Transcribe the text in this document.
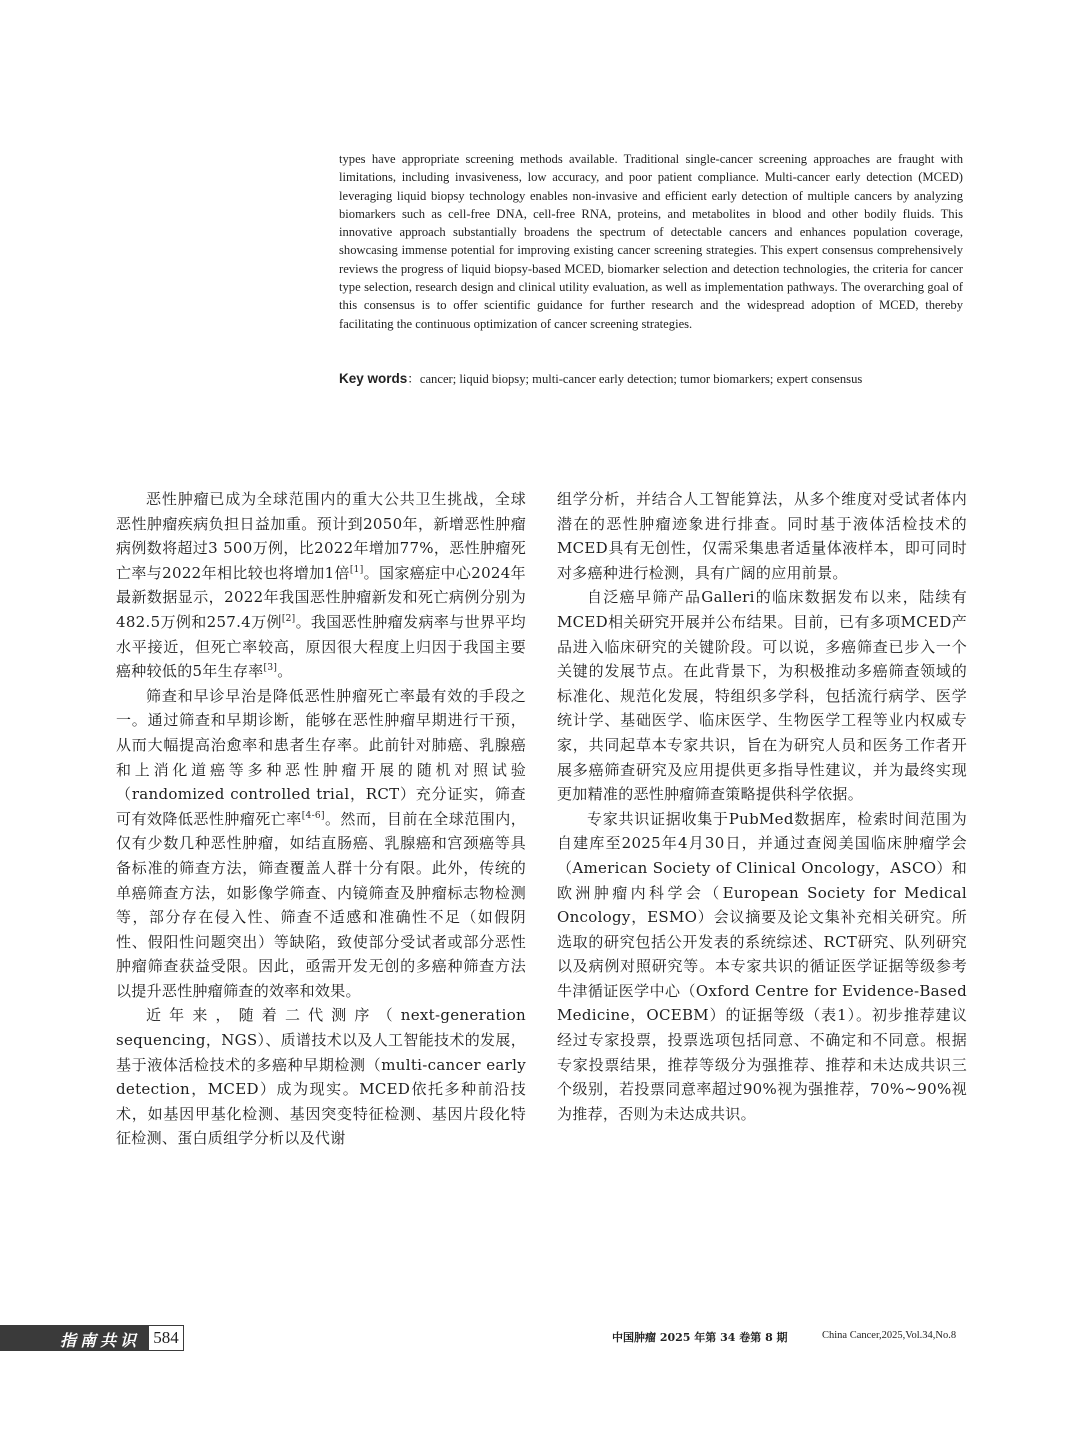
types have appropriate screening methods available. Traditional single-cancer screening approaches are fraught with limitations, including invasiveness, low accuracy, and poor patient compliance. Multi-cancer early detection (MCED) leveraging liquid biopsy technology enables non-invasive and efficient early detection of multiple cancers by analyzing biomarkers such as cell-free DNA, cell-free RNA, proteins, and metabolites in blood and other bodily fluids. This innovative approach substantially broadens the spectrum of detectable cancers and enhances population coverage, showcasing immense potential for improving existing cancer screening strategies. This expert consensus comprehensively reviews the progress of liquid biopsy-based MCED, biomarker selection and detection technologies, the criteria for cancer type selection, research design and clinical utility evaluation, as well as implementation pathways. The overarching goal of this consensus is to offer scientific guidance for further research and the widespread adoption of MCED, thereby facilitating the continuous optimization of cancer screening strategies.
Key words：cancer; liquid biopsy; multi-cancer early detection; tumor biomarkers; expert consensus

恶性肿瘤已成为全球范围内的重大公共卫生挑战，全球恶性肿瘤疾病负担日益加重。预计到2050年，新增恶性肿瘤病例数将超过3 500万例，比2022年增加77%，恶性肿瘤死亡率与2022年相比较也将增加1倍[1]。国家癌症中心2024年最新数据显示，2022年我国恶性肿瘤新发和死亡病例分别为482.5万例和257.4万例[2]。我国恶性肿瘤发病率与世界平均水平接近，但死亡率较高，原因很大程度上归因于我国主要癌种较低的5年生存率[3]。

筛查和早诊早治是降低恶性肿瘤死亡率最有效的手段之一。通过筛查和早期诊断，能够在恶性肿瘤早期进行干预，从而大幅提高治愈率和患者生存率。此前针对肺癌、乳腺癌和上消化道癌等多种恶性肿瘤开展的随机对照试验（randomized controlled trial，RCT）充分证实，筛查可有效降低恶性肿瘤死亡率[4-6]。然而，目前在全球范围内，仅有少数几种恶性肿瘤，如结直肠癌、乳腺癌和宫颈癌等具备标准的筛查方法，筛查覆盖人群十分有限。此外，传统的单癌筛查方法，如影像学筛查、内镜筛查及肿瘤标志物检测等，部分存在侵入性、筛查不适感和准确性不足（如假阴性、假阳性问题突出）等缺陷，致使部分受试者或部分恶性肿瘤筛查获益受限。因此，亟需开发无创的多癌种筛查方法以提升恶性肿瘤筛查的效率和效果。

近年来，随着二代测序（next-generation sequencing，NGS）、质谱技术以及人工智能技术的发展，基于液体活检技术的多癌种早期检测（multi-cancer early detection，MCED）成为现实。MCED依托多种前沿技术，如基因甲基化检测、基因突变特征检测、基因片段化特征检测、蛋白质组学分析以及代谢

组学分析，并结合人工智能算法，从多个维度对受试者体内潜在的恶性肿瘤迹象进行排查。同时基于液体活检技术的MCED具有无创性，仅需采集患者适量体液样本，即可同时对多癌种进行检测，具有广阔的应用前景。

自泛癌早筛产品Galleri的临床数据发布以来，陆续有MCED相关研究开展并公布结果。目前，已有多项MCED产品进入临床研究的关键阶段。可以说，多癌筛查已步入一个关键的发展节点。在此背景下，为积极推动多癌筛查领域的标准化、规范化发展，特组织多学科，包括流行病学、医学统计学、基础医学、临床医学、生物医学工程等业内权威专家，共同起草本专家共识，旨在为研究人员和医务工作者开展多癌筛查研究及应用提供更多指导性建议，并为最终实现更加精准的恶性肿瘤筛查策略提供科学依据。

专家共识证据收集于PubMed数据库，检索时间范围为自建库至2025年4月30日，并通过查阅美国临床肿瘤学会（American Society of Clinical Oncology，ASCO）和欧洲肿瘤内科学会（European Society for Medical Oncology，ESMO）会议摘要及论文集补充相关研究。所选取的研究包括公开发表的系统综述、RCT研究、队列研究以及病例对照研究等。本专家共识的循证医学证据等级参考牛津循证医学中心（Oxford Centre for Evidence-Based Medicine，OCEBM）的证据等级（表1）。初步推荐建议经过专家投票，投票选项包括同意、不确定和不同意。根据专家投票结果，推荐等级分为强推荐、推荐和未达成共识三个级别，若投票同意率超过90%视为强推荐，70%~90%视为推荐，否则为未达成共识。

指南共识 584	中国肿瘤 2025 年第 34 卷第 8 期	China Cancer,2025,Vol.34,No.8
